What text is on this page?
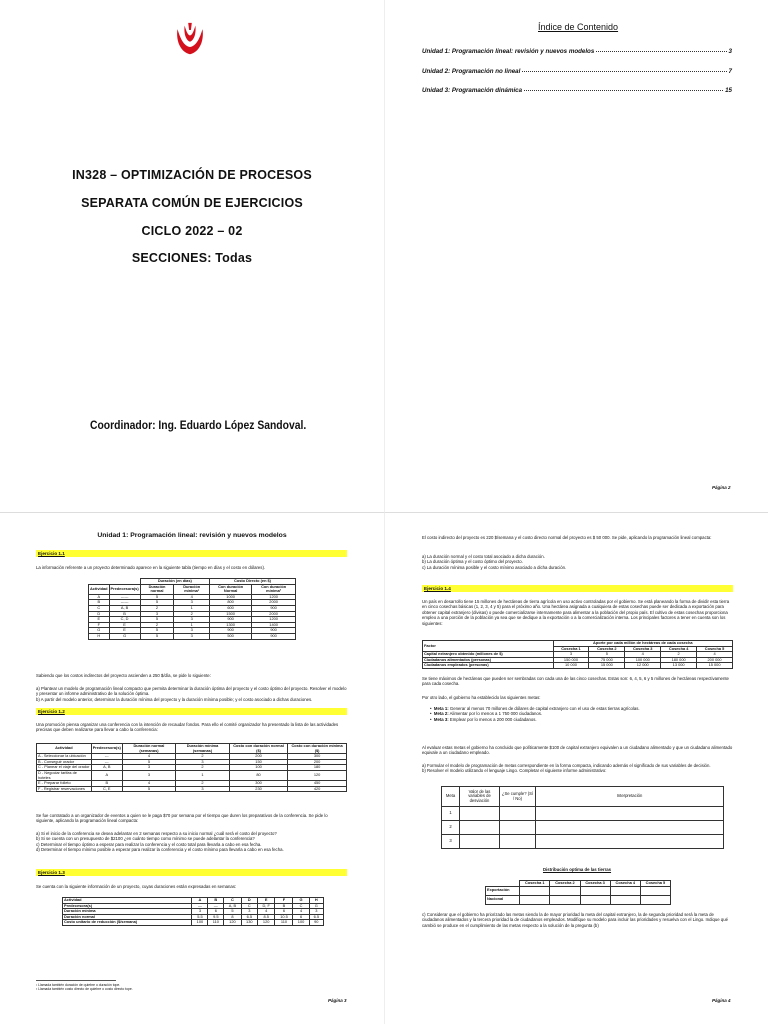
IN328 – OPTIMIZACIÓN DE PROCESOS
SEPARATA COMÚN DE EJERCICIOS
CICLO 2022 – 02
SECCIONES: Todas
Coordinador: Ing. Eduardo López Sandoval.
Índice de Contenido
Unidad 1: Programación lineal: revisión y nuevos modelos	3
Unidad 2: Programación no lineal	7
Unidad 3: Programación dinámica	15
Página 2
Unidad 1: Programación lineal: revisión y nuevos modelos
Ejercicio 1.1
La información referente a un proyecto determinado aparece en la siguiente tabla (tiempo en días y el costo en dólares).
		Duración (en días)		Costo Directo (en $)	
Actividad	Predecesora(s)	Duración normal	Duración mínima¹	Con duración Normal	Con duración mínima²
A	------	5	4	1000	1200
B	------	5	3	800	2000
C	A, B	2	1	600	900
D	B	3	2	1500	2000
E	C, D	5	3	900	1200
F	E	2	1	1300	1400
G	E	5	3	900	900
H	G	5	3	500	900
Sabiendo que los costos indirectos del proyecto ascienden a 250 $/día, se pide lo siguiente:
a) Plantear un modelo de programación lineal compacto que permita determinar la duración óptima del proyecto y el costo óptimo del proyecto. Resolver el modelo y presentar un informe administrativo de la solución óptima.
b) A partir del modelo anterior, determinar la duración mínima del proyecto y la duración mínima posible; y el costo asociado a dichas duraciones.
Ejercicio 1.2
Una promoción piensa organizar una conferencia con la intención de recaudar fondos. Para ello el comité organizador ha presentado la lista de las actividades precisas que deben realizarse para llevar a cabo la conferencia:
Actividad	Predecesora(s)	Duración normal (semanas)	Duración mínima (semanas)	Costo con duración normal ($)	Costo con duración mínima ($)
A - Seleccionar la ubicación	---	4	2	200	300
B - Conseguir orador	---	5	3	150	200
C - Planear el viaje del orador	A, B	3	2	100	180
D - Negociar tarifas de hoteles	A	3	1	80	120
E - Preparar folleto	B	4	2	300	450
F - Registrar reservaciones	C, E	5	3	230	420
Se fue contratado a un organizador de eventos a quien se le paga $70 por semana por el tiempo que duren los preparativos de la conferencia. Se pide lo siguiente, aplicando la programación lineal compacta:
a) Si el inicio de la conferencia se desea adelantar en 2 semanas respecto a su inicio normal ¿cuál será el costo del proyecto?
b) Si se cuenta con un presupuesto de $2100 ¿en cuánto tiempo como mínimo se puede adelantar la conferencia?
c) Determinar el tiempo óptimo a esperar para realizar la conferencia y el costo total para llevarla a cabo en esa fecha.
d) Determinar el tiempo mínimo posible a esperar para realizar la conferencia y el costo mínimo para llevarla a cabo en esa fecha.
Ejercicio 1.3
Se cuenta con la siguiente información de un proyecto, cuyas duraciones están expresadas en semanas:
Actividad	A	B	C	D	E	F	G	H
Predecesora(s)	—	—	A, B	C	D, F	B	C	G
Duración mínima	3	6	5	3	4	6	4	3
Duración normal	5.5	9.5	8	6.5	8.5	10.5	6	6.5
Costo unitario de reducción ($/semana)	100	110	120	130	120	110	100	90
¹ Llamada también duración de quiebre o duración tope.
² Llamada también costo directo de quiebre o costo directo tope.
Página 3
El costo indirecto del proyecto es 220 $/semana y el costo directo normal del proyecto es $ 50 000. Se pide, aplicando la programación lineal compacta:
a) La duración normal y el costo total asociado a dicha duración.
b) La duración óptima y el costo óptimo del proyecto.
c) La duración mínima posible y el costo mínimo asociado a dicha duración.
Ejercicio 1.4
Un país en desarrollo tiene 15 millones de hectáreas de tierra agrícola en uso activo controladas por el gobierno. Se está planeando la forma de dividir esta tierra en cinco cosechas básicas (1, 2, 3, 4 y 5) para el próximo año. Una hectárea asignada a cualquiera de estas cosechas puede ser dedicada a exportación para obtener capital extranjero (divisas) o puede comercializarse internamente para alimentar a la población del propio país. El cultivo de estas cosechas proporciona empleo a una porción de la población ya sea que se dedique a la exportación o a la comercialización interna. Los principales factores a tener en cuenta son los siguientes:
Factor	Aporte por cada millón de hectáreas de cada cosecha				
	Cosecha 1	Cosecha 2	Cosecha 3	Cosecha 4	Cosecha 5
Capital extranjero obtenido (millones de $)	3	5	4	2	4
Ciudadanos alimentados (personas)	150 000	75 000	100 000	180 000	200 000
Ciudadanos empleados (personas)	10 000	15 000	12 000	13 000	15 000
Se tiene máximos de hectáreas que pueden ser sembradas con cada una de las cinco cosechas. Estas son: 6, 4, 5, 6 y 5 millones de hectáreas respectivamente para cada cosecha.
Por otro lado, el gobierno ha establecido las siguientes metas:
• Meta 1: Generar al menos 70 millones de dólares de capital extranjero con el uso de estas tierras agrícolas.
• Meta 2: Alimentar por lo menos a 1 750 000 ciudadanos.
• Meta 3: Emplear por lo menos a 200 000 ciudadanos.
Al evaluar estas metas el gobierno ha concluido que políticamente $100 de capital extranjero equivalen a un ciudadano alimentado y que un ciudadano alimentado equivale a un ciudadano empleado.
a) Formular el modelo de programación de metas correspondiente en la forma compacta, indicando además el significado de sus variables de decisión.
b) Resolver el modelo utilizando el lenguaje Lingo. Completar el siguiente informe administrativo:
Meta	Valor de las variables de desviación	¿Se cumple? (Sí / No)	Interpretación
1			
2			
3			
Distribución optima de las tierras
	Cosecha 1	Cosecha 2	Cosecha 3	Cosecha 4	Cosecha 5
Exportación					
Nacional					
c) Considerar que el gobierno ha priorizado las metas siendo la de mayor prioridad la meta del capital extranjero, la de segunda prioridad será la meta de ciudadanos alimentados y la tercera prioridad la de ciudadanos empleados. Modifique su modelo para incluir las prioridades y resuelva con el Lingo. Indique qué cambió se produce en el cumplimiento de las metas respecto a la solución de la pregunta (b)
Página 4
